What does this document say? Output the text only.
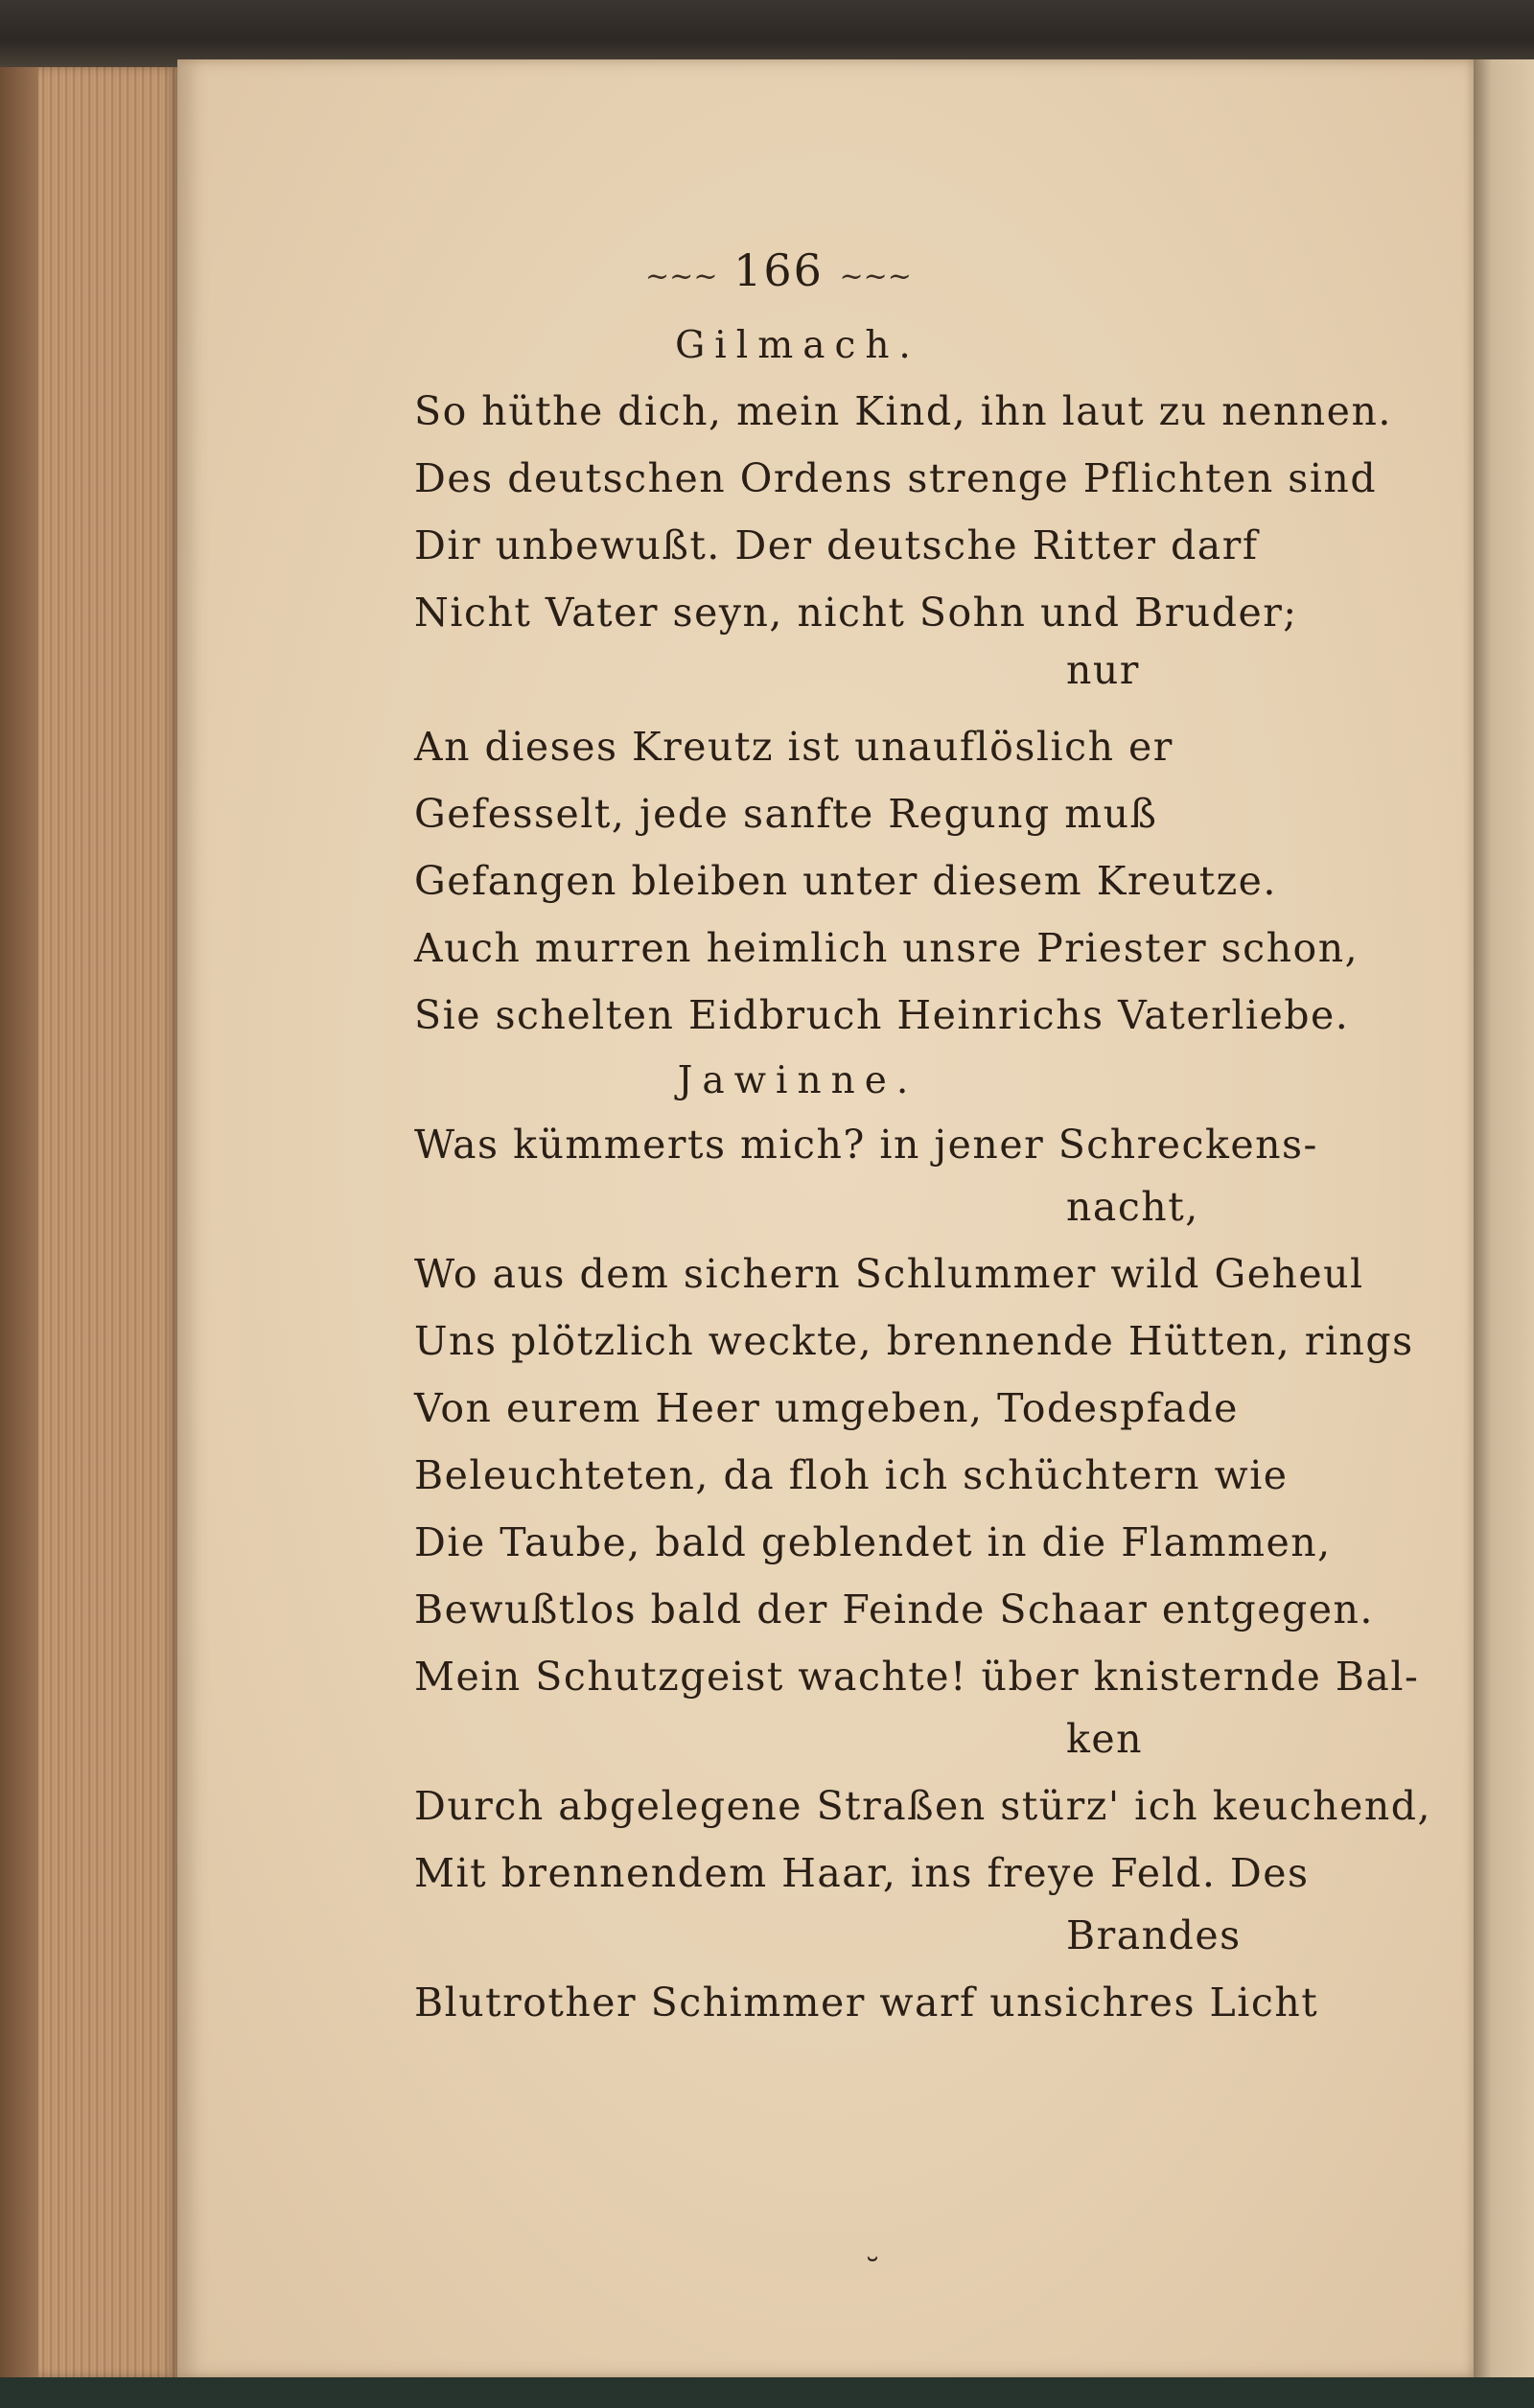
~~~ 166 ~~~
Gilmach.
So hüthe dich, mein Kind, ihn laut zu nennen.
Des deutschen Ordens strenge Pflichten sind
Dir unbewußt. Der deutsche Ritter darf
Nicht Vater seyn, nicht Sohn und Bruder;
nur
An dieses Kreutz ist unauflöslich er
Gefesselt, jede sanfte Regung muß
Gefangen bleiben unter diesem Kreutze.
Auch murren heimlich unsre Priester schon,
Sie schelten Eidbruch Heinrichs Vaterliebe.
Jawinne.
Was kümmerts mich? in jener Schreckens-
nacht,
Wo aus dem sichern Schlummer wild Geheul
Uns plötzlich weckte, brennende Hütten, rings
Von eurem Heer umgeben, Todespfade
Beleuchteten, da floh ich schüchtern wie
Die Taube, bald geblendet in die Flammen,
Bewußtlos bald der Feinde Schaar entgegen.
Mein Schutzgeist wachte! über knisternde Bal-
ken
Durch abgelegene Straßen stürz' ich keuchend,
Mit brennendem Haar, ins freye Feld. Des
Brandes
Blutrother Schimmer warf unsichres Licht
˘
